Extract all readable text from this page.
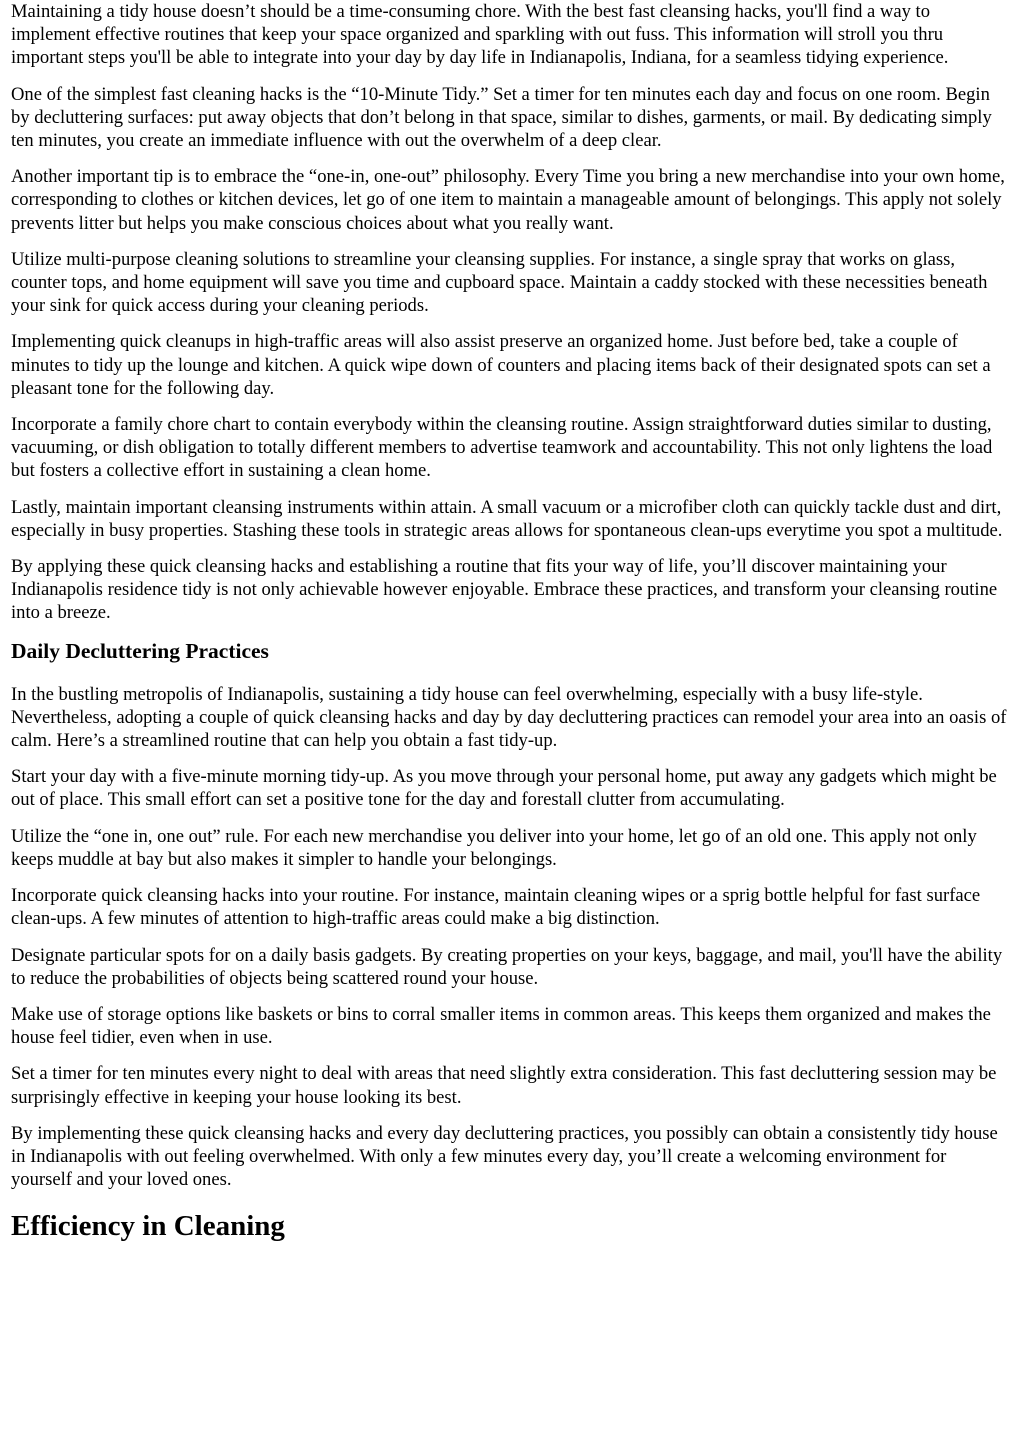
Maintaining a tidy house doesn’t should be a time-consuming chore. With the best fast cleansing hacks, you'll find a way to implement effective routines that keep your space organized and sparkling with out fuss. This information will stroll you thru important steps you'll be able to integrate into your day by day life in Indianapolis, Indiana, for a seamless tidying experience.

One of the simplest fast cleaning hacks is the “10-Minute Tidy.” Set a timer for ten minutes each day and focus on one room. Begin by decluttering surfaces: put away objects that don’t belong in that space, similar to dishes, garments, or mail. By dedicating simply ten minutes, you create an immediate influence with out the overwhelm of a deep clear.

Another important tip is to embrace the “one-in, one-out” philosophy. Every Time you bring a new merchandise into your own home, corresponding to clothes or kitchen devices, let go of one item to maintain a manageable amount of belongings. This apply not solely prevents litter but helps you make conscious choices about what you really want.

Utilize multi-purpose cleaning solutions to streamline your cleansing supplies. For instance, a single spray that works on glass, counter tops, and home equipment will save you time and cupboard space. Maintain a caddy stocked with these necessities beneath your sink for quick access during your cleaning periods.

Implementing quick cleanups in high-traffic areas will also assist preserve an organized home. Just before bed, take a couple of minutes to tidy up the lounge and kitchen. A quick wipe down of counters and placing items back of their designated spots can set a pleasant tone for the following day.

Incorporate a family chore chart to contain everybody within the cleansing routine. Assign straightforward duties similar to dusting, vacuuming, or dish obligation to totally different members to advertise teamwork and accountability. This not only lightens the load but fosters a collective effort in sustaining a clean home.

Lastly, maintain important cleansing instruments within attain. A small vacuum or a microfiber cloth can quickly tackle dust and dirt, especially in busy properties. Stashing these tools in strategic areas allows for spontaneous clean-ups everytime you spot a multitude.

By applying these quick cleansing hacks and establishing a routine that fits your way of life, you’ll discover maintaining your Indianapolis residence tidy is not only achievable however enjoyable. Embrace these practices, and transform your cleansing routine into a breeze.

Daily Decluttering Practices

In the bustling metropolis of Indianapolis, sustaining a tidy house can feel overwhelming, especially with a busy life-style. Nevertheless, adopting a couple of quick cleansing hacks and day by day decluttering practices can remodel your area into an oasis of calm. Here’s a streamlined routine that can help you obtain a fast tidy-up.

Start your day with a five-minute morning tidy-up. As you move through your personal home, put away any gadgets which might be out of place. This small effort can set a positive tone for the day and forestall clutter from accumulating.

Utilize the “one in, one out” rule. For each new merchandise you deliver into your home, let go of an old one. This apply not only keeps muddle at bay but also makes it simpler to handle your belongings.

Incorporate quick cleansing hacks into your routine. For instance, maintain cleaning wipes or a sprig bottle helpful for fast surface clean-ups. A few minutes of attention to high-traffic areas could make a big distinction.

Designate particular spots for on a daily basis gadgets. By creating properties on your keys, baggage, and mail, you'll have the ability to reduce the probabilities of objects being scattered round your house.

Make use of storage options like baskets or bins to corral smaller items in common areas. This keeps them organized and makes the house feel tidier, even when in use.

Set a timer for ten minutes every night to deal with areas that need slightly extra consideration. This fast decluttering session may be surprisingly effective in keeping your house looking its best.

By implementing these quick cleansing hacks and every day decluttering practices, you possibly can obtain a consistently tidy house in Indianapolis with out feeling overwhelmed. With only a few minutes every day, you’ll create a welcoming environment for yourself and your loved ones.

Efficiency in Cleaning
